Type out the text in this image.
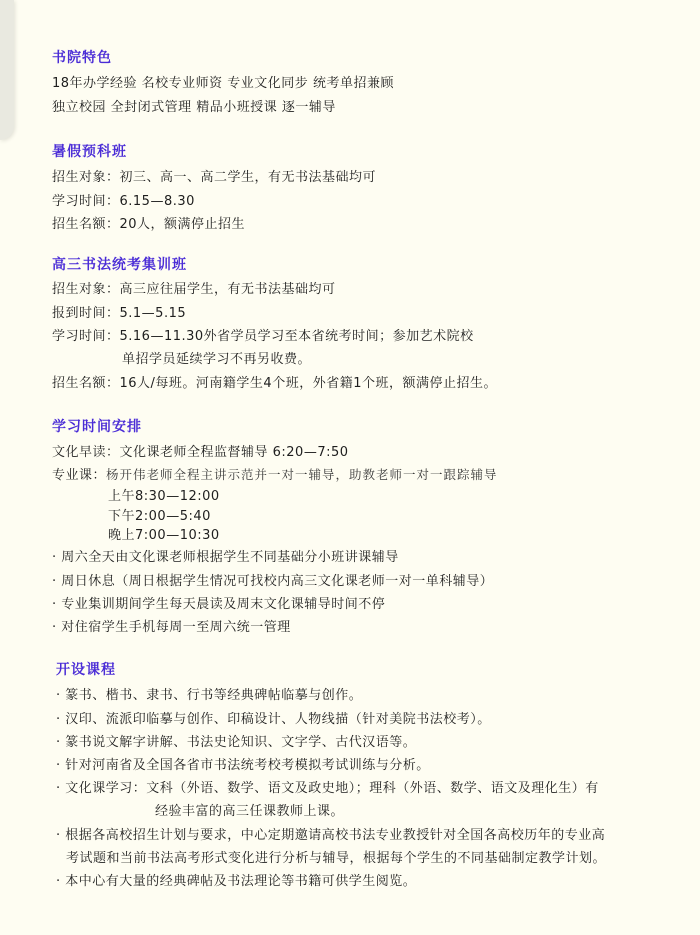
书院特色
18年办学经验 名校专业师资 专业文化同步 统考单招兼顾
独立校园 全封闭式管理 精品小班授课 逐一辅导
暑假预科班
招生对象：初三、高一、高二学生，有无书法基础均可
学习时间：6.15—8.30
招生名额：20人，额满停止招生
高三书法统考集训班
招生对象：高三应往届学生，有无书法基础均可
报到时间：5.1—5.15
学习时间：5.16—11.30外省学员学习至本省统考时间；参加艺术院校
单招学员延续学习不再另收费。
招生名额：16人/每班。河南籍学生4个班，外省籍1个班，额满停止招生。
学习时间安排
文化早读：文化课老师全程监督辅导 6:20—7:50
专业课：杨开伟老师全程主讲示范并一对一辅导，助教老师一对一跟踪辅导
上午8:30—12:00
下午2:00—5:40
晚上7:00—10:30
· 周六全天由文化课老师根据学生不同基础分小班讲课辅导
· 周日休息（周日根据学生情况可找校内高三文化课老师一对一单科辅导）
· 专业集训期间学生每天晨读及周末文化课辅导时间不停
· 对住宿学生手机每周一至周六统一管理
开设课程
· 篆书、楷书、隶书、行书等经典碑帖临摹与创作。
· 汉印、流派印临摹与创作、印稿设计、人物线描（针对美院书法校考）。
· 篆书说文解字讲解、书法史论知识、文字学、古代汉语等。
· 针对河南省及全国各省市书法统考校考模拟考试训练与分析。
· 文化课学习：文科（外语、数学、语文及政史地）；理科（外语、数学、语文及理化生）有
经验丰富的高三任课教师上课。
· 根据各高校招生计划与要求，中心定期邀请高校书法专业教授针对全国各高校历年的专业高
考试题和当前书法高考形式变化进行分析与辅导，根据每个学生的不同基础制定教学计划。
· 本中心有大量的经典碑帖及书法理论等书籍可供学生阅览。
